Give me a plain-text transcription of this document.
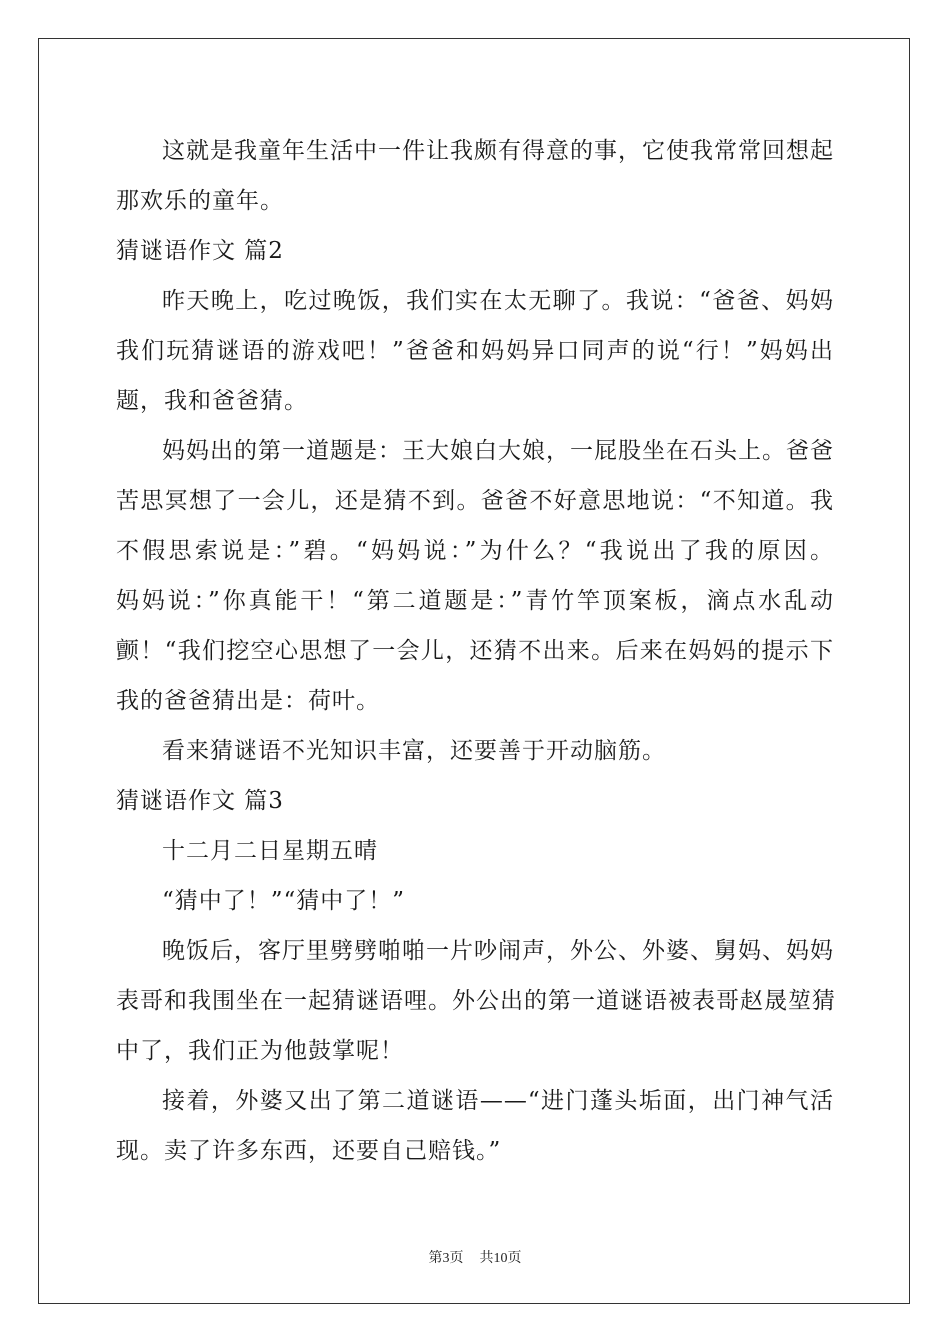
这就是我童年生活中一件让我颇有得意的事，它使我常常回想起
那欢乐的童年。
猜谜语作文 篇2
昨天晚上，吃过晚饭，我们实在太无聊了。我说：“爸爸、妈妈
我们玩猜谜语的游戏吧！”爸爸和妈妈异口同声的说“行！”妈妈出
题，我和爸爸猜。
妈妈出的第一道题是：王大娘白大娘，一屁股坐在石头上。爸爸
苦思冥想了一会儿，还是猜不到。爸爸不好意思地说：“不知道。我
不假思索说是：”碧。“妈妈说：”为什么？“我说出了我的原因。
妈妈说：”你真能干！“第二道题是：”青竹竿顶案板，滴点水乱动
颤！“我们挖空心思想了一会儿，还猜不出来。后来在妈妈的提示下
我的爸爸猜出是：荷叶。
看来猜谜语不光知识丰富，还要善于开动脑筋。
猜谜语作文 篇3
十二月二日星期五晴
“猜中了！”“猜中了！”
晚饭后，客厅里劈劈啪啪一片吵闹声，外公、外婆、舅妈、妈妈
表哥和我围坐在一起猜谜语哩。外公出的第一道谜语被表哥赵晟堃猜
中了，我们正为他鼓掌呢！
接着，外婆又出了第二道谜语——“进门蓬头垢面，出门神气活
现。卖了许多东西，还要自己赔钱。”
第3页 共10页
